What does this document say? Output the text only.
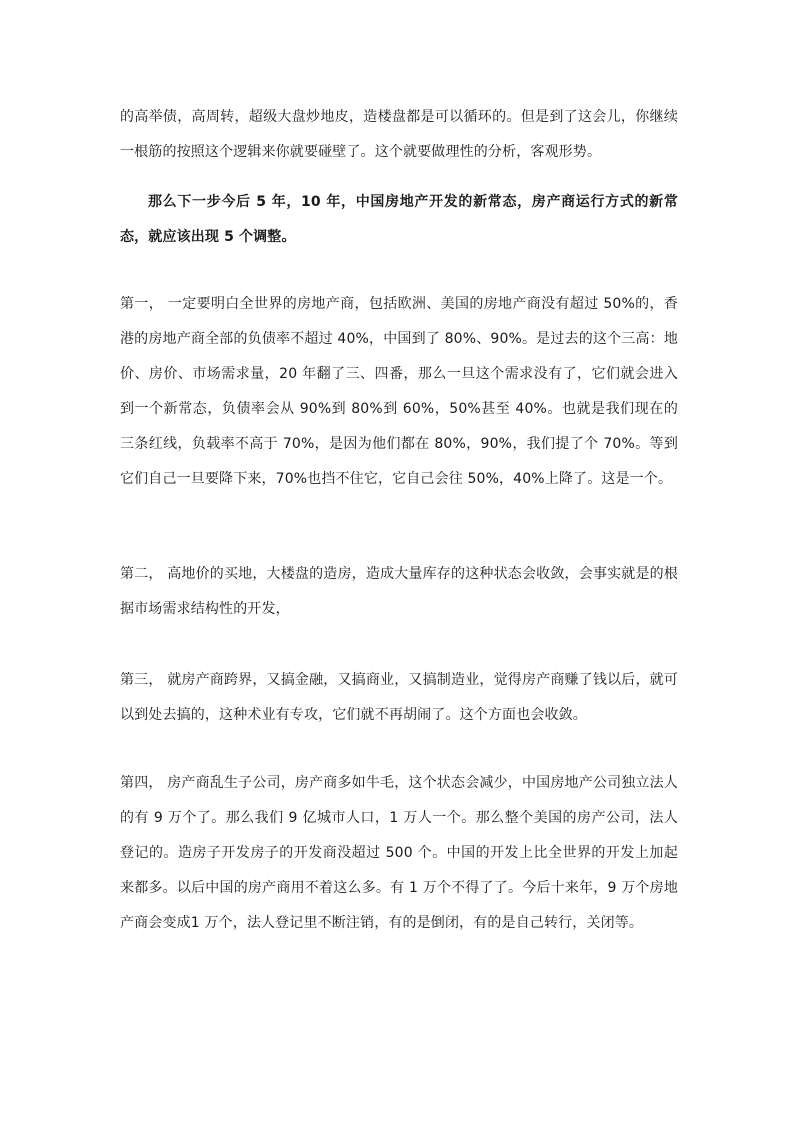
的高举债，高周转，超级大盘炒地皮，造楼盘都是可以循环的。但是到了这会儿，你继续一根筋的按照这个逻辑来你就要碰壁了。这个就要做理性的分析，客观形势。

那么下一步今后 5 年，10 年，中国房地产开发的新常态，房产商运行方式的新常态，就应该出现 5 个调整。

第一， 一定要明白全世界的房地产商，包括欧洲、美国的房地产商没有超过 50%的，香港的房地产商全部的负债率不超过 40%，中国到了 80%、90%。是过去的这个三高：地价、房价、市场需求量，20 年翻了三、四番，那么一旦这个需求没有了，它们就会进入到一个新常态，负债率会从 90%到 80%到 60%，50%甚至 40%。也就是我们现在的三条红线，负载率不高于 70%，是因为他们都在 80%，90%，我们提了个 70%。等到它们自己一旦要降下来，70%也挡不住它，它自己会往 50%，40%上降了。这是一个。

第二， 高地价的买地，大楼盘的造房，造成大量库存的这种状态会收敛，会事实就是的根据市场需求结构性的开发，

第三， 就房产商跨界，又搞金融，又搞商业，又搞制造业，觉得房产商赚了钱以后，就可以到处去搞的，这种术业有专攻，它们就不再胡闹了。这个方面也会收敛。

第四， 房产商乱生子公司，房产商多如牛毛，这个状态会减少，中国房地产公司独立法人的有 9 万个了。那么我们 9 亿城市人口，1 万人一个。那么整个美国的房产公司，法人登记的。造房子开发房子的开发商没超过 500 个。中国的开发上比全世界的开发上加起来都多。以后中国的房产商用不着这么多。有 1 万个不得了了。今后十来年，9 万个房地产商会变成1 万个，法人登记里不断注销，有的是倒闭，有的是自己转行，关闭等。
